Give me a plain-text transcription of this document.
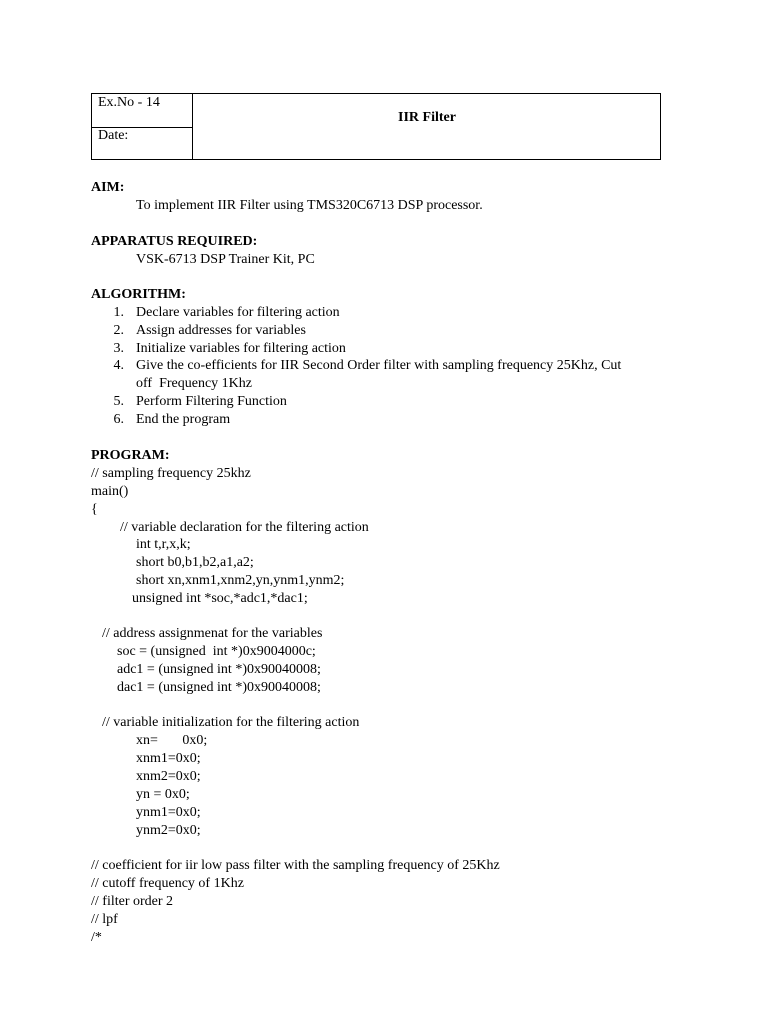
Ex.No - 14
Date:
IIR Filter
AIM:
To implement IIR Filter using TMS320C6713 DSP processor.
APPARATUS REQUIRED:
VSK-6713 DSP Trainer Kit, PC
ALGORITHM:
1. Declare variables for filtering action
2. Assign addresses for variables
3. Initialize variables for filtering action
4. Give the co-efficients for IIR Second Order filter with sampling frequency 25Khz, Cut
off  Frequency 1Khz
5. Perform Filtering Function
6. End the program
PROGRAM:
// sampling frequency 25khz
main()
{
// variable declaration for the filtering action
int t,r,x,k;
short b0,b1,b2,a1,a2;
short xn,xnm1,xnm2,yn,ynm1,ynm2;
unsigned int *soc,*adc1,*dac1;
// address assignmenat for the variables
soc = (unsigned  int *)0x9004000c;
adc1 = (unsigned int *)0x90040008;
dac1 = (unsigned int *)0x90040008;
// variable initialization for the filtering action
xn=       0x0;
xnm1=0x0;
xnm2=0x0;
yn = 0x0;
ynm1=0x0;
ynm2=0x0;
// coefficient for iir low pass filter with the sampling frequency of 25Khz
// cutoff frequency of 1Khz
// filter order 2
// lpf
/*
